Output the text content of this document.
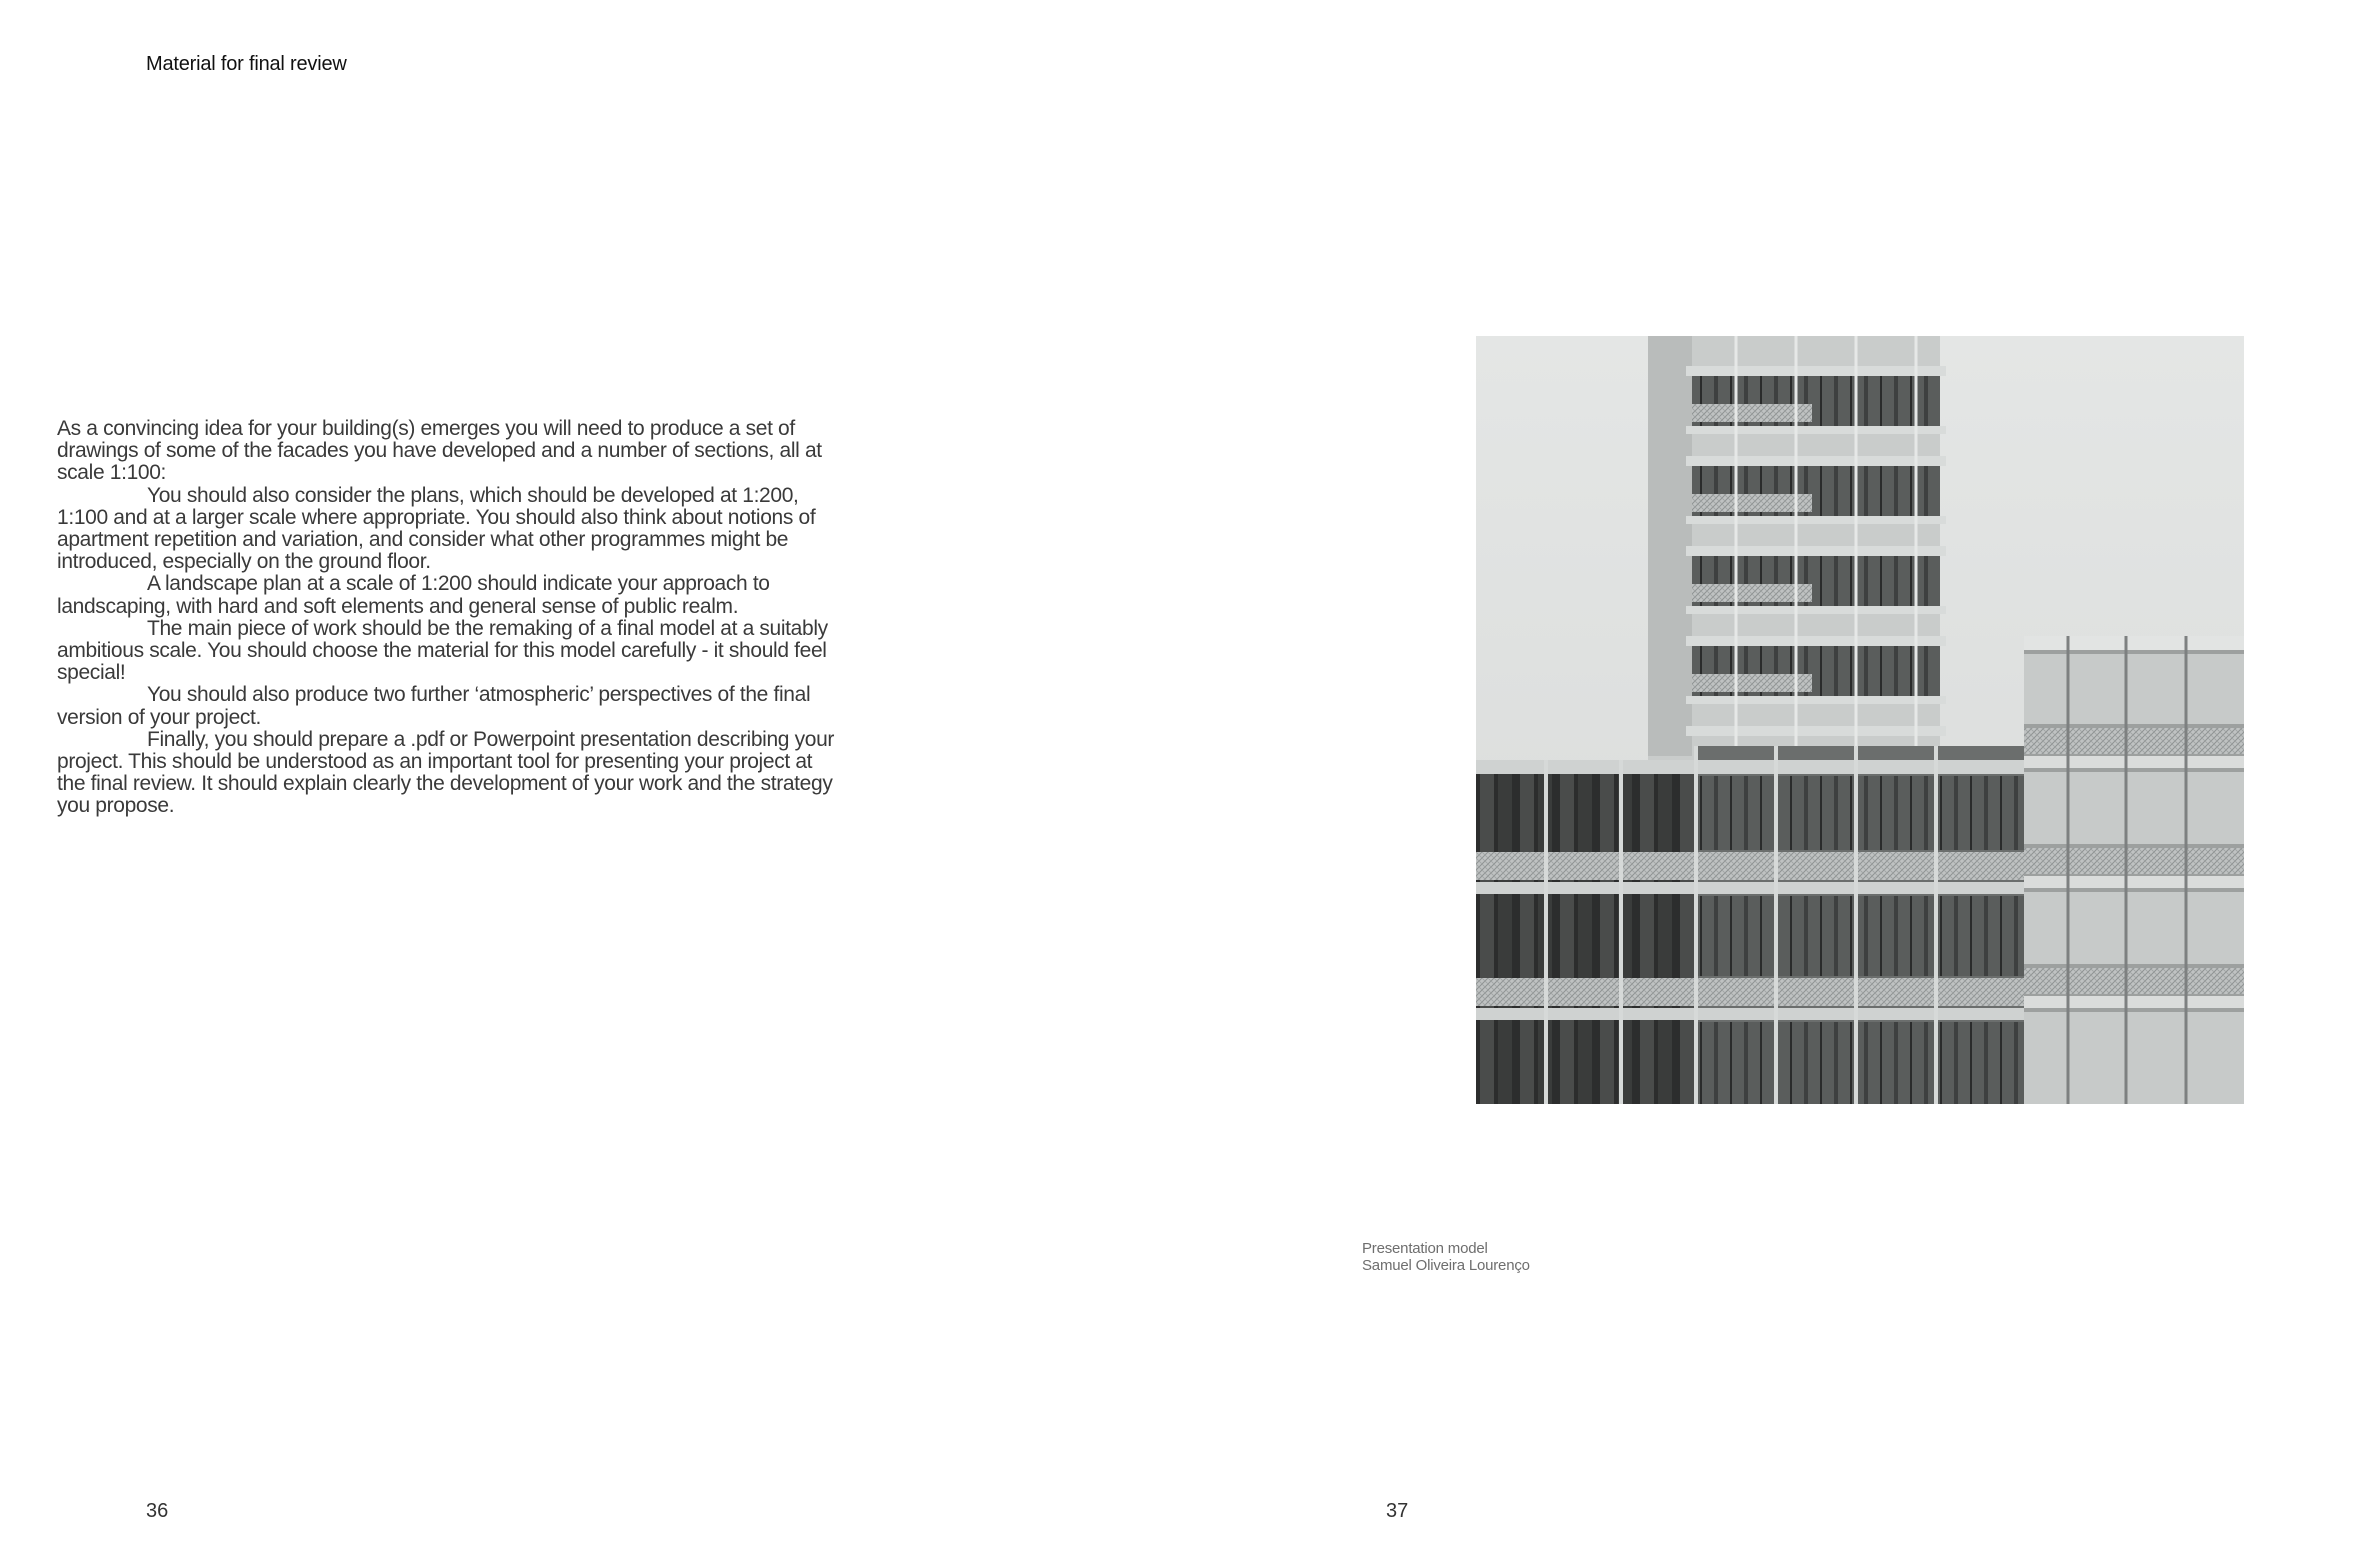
Material for final review

As a convincing idea for your building(s) emerges you will need to produce a set of drawings of some of the facades you have developed and a number of sections, all at scale 1:100:

You should also consider the plans, which should be developed at 1:200, 1:100 and at a larger scale where appropriate. You should also think about notions of apartment repetition and variation, and consider what other programmes might be introduced, especially on the ground floor.

A landscape plan at a scale of 1:200 should indicate your approach to landscaping, with hard and soft elements and general sense of public realm.

The main piece of work should be the remaking of a final model at a suitably ambitious scale. You should choose the material for this model carefully - it should feel special!

You should also produce two further ‘atmospheric’ perspectives of the final version of your project.

Finally, you should prepare a .pdf or Powerpoint presentation describing your project. This should be understood as an important tool for presenting your project at the final review. It should explain clearly the development of your work and the strategy you propose.

36
Presentation model
Samuel Oliveira Lourenço
37
